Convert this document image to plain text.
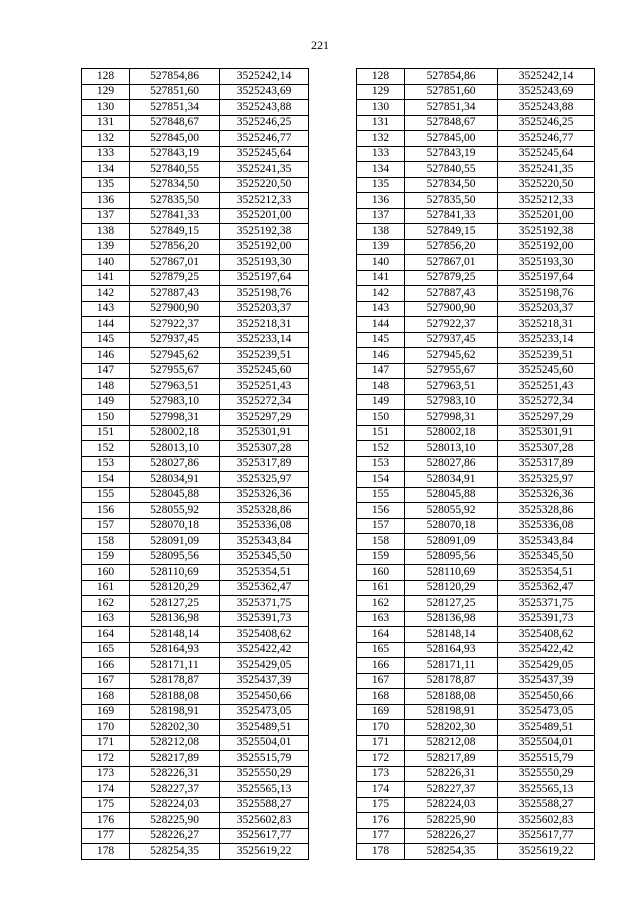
221
128	527854,86	3525242,14		128	527854,86	3525242,14
129	527851,60	3525243,69		129	527851,60	3525243,69
130	527851,34	3525243,88		130	527851,34	3525243,88
131	527848,67	3525246,25		131	527848,67	3525246,25
132	527845,00	3525246,77		132	527845,00	3525246,77
133	527843,19	3525245,64		133	527843,19	3525245,64
134	527840,55	3525241,35		134	527840,55	3525241,35
135	527834,50	3525220,50		135	527834,50	3525220,50
136	527835,50	3525212,33		136	527835,50	3525212,33
137	527841,33	3525201,00		137	527841,33	3525201,00
138	527849,15	3525192,38		138	527849,15	3525192,38
139	527856,20	3525192,00		139	527856,20	3525192,00
140	527867,01	3525193,30		140	527867,01	3525193,30
141	527879,25	3525197,64		141	527879,25	3525197,64
142	527887,43	3525198,76		142	527887,43	3525198,76
143	527900,90	3525203,37		143	527900,90	3525203,37
144	527922,37	3525218,31		144	527922,37	3525218,31
145	527937,45	3525233,14		145	527937,45	3525233,14
146	527945,62	3525239,51		146	527945,62	3525239,51
147	527955,67	3525245,60		147	527955,67	3525245,60
148	527963,51	3525251,43		148	527963,51	3525251,43
149	527983,10	3525272,34		149	527983,10	3525272,34
150	527998,31	3525297,29		150	527998,31	3525297,29
151	528002,18	3525301,91		151	528002,18	3525301,91
152	528013,10	3525307,28		152	528013,10	3525307,28
153	528027,86	3525317,89		153	528027,86	3525317,89
154	528034,91	3525325,97		154	528034,91	3525325,97
155	528045,88	3525326,36		155	528045,88	3525326,36
156	528055,92	3525328,86		156	528055,92	3525328,86
157	528070,18	3525336,08		157	528070,18	3525336,08
158	528091,09	3525343,84		158	528091,09	3525343,84
159	528095,56	3525345,50		159	528095,56	3525345,50
160	528110,69	3525354,51		160	528110,69	3525354,51
161	528120,29	3525362,47		161	528120,29	3525362,47
162	528127,25	3525371,75		162	528127,25	3525371,75
163	528136,98	3525391,73		163	528136,98	3525391,73
164	528148,14	3525408,62		164	528148,14	3525408,62
165	528164,93	3525422,42		165	528164,93	3525422,42
166	528171,11	3525429,05		166	528171,11	3525429,05
167	528178,87	3525437,39		167	528178,87	3525437,39
168	528188,08	3525450,66		168	528188,08	3525450,66
169	528198,91	3525473,05		169	528198,91	3525473,05
170	528202,30	3525489,51		170	528202,30	3525489,51
171	528212,08	3525504,01		171	528212,08	3525504,01
172	528217,89	3525515,79		172	528217,89	3525515,79
173	528226,31	3525550,29		173	528226,31	3525550,29
174	528227,37	3525565,13		174	528227,37	3525565,13
175	528224,03	3525588,27		175	528224,03	3525588,27
176	528225,90	3525602,83		176	528225,90	3525602,83
177	528226,27	3525617,77		177	528226,27	3525617,77
178	528254,35	3525619,22		178	528254,35	3525619,22
